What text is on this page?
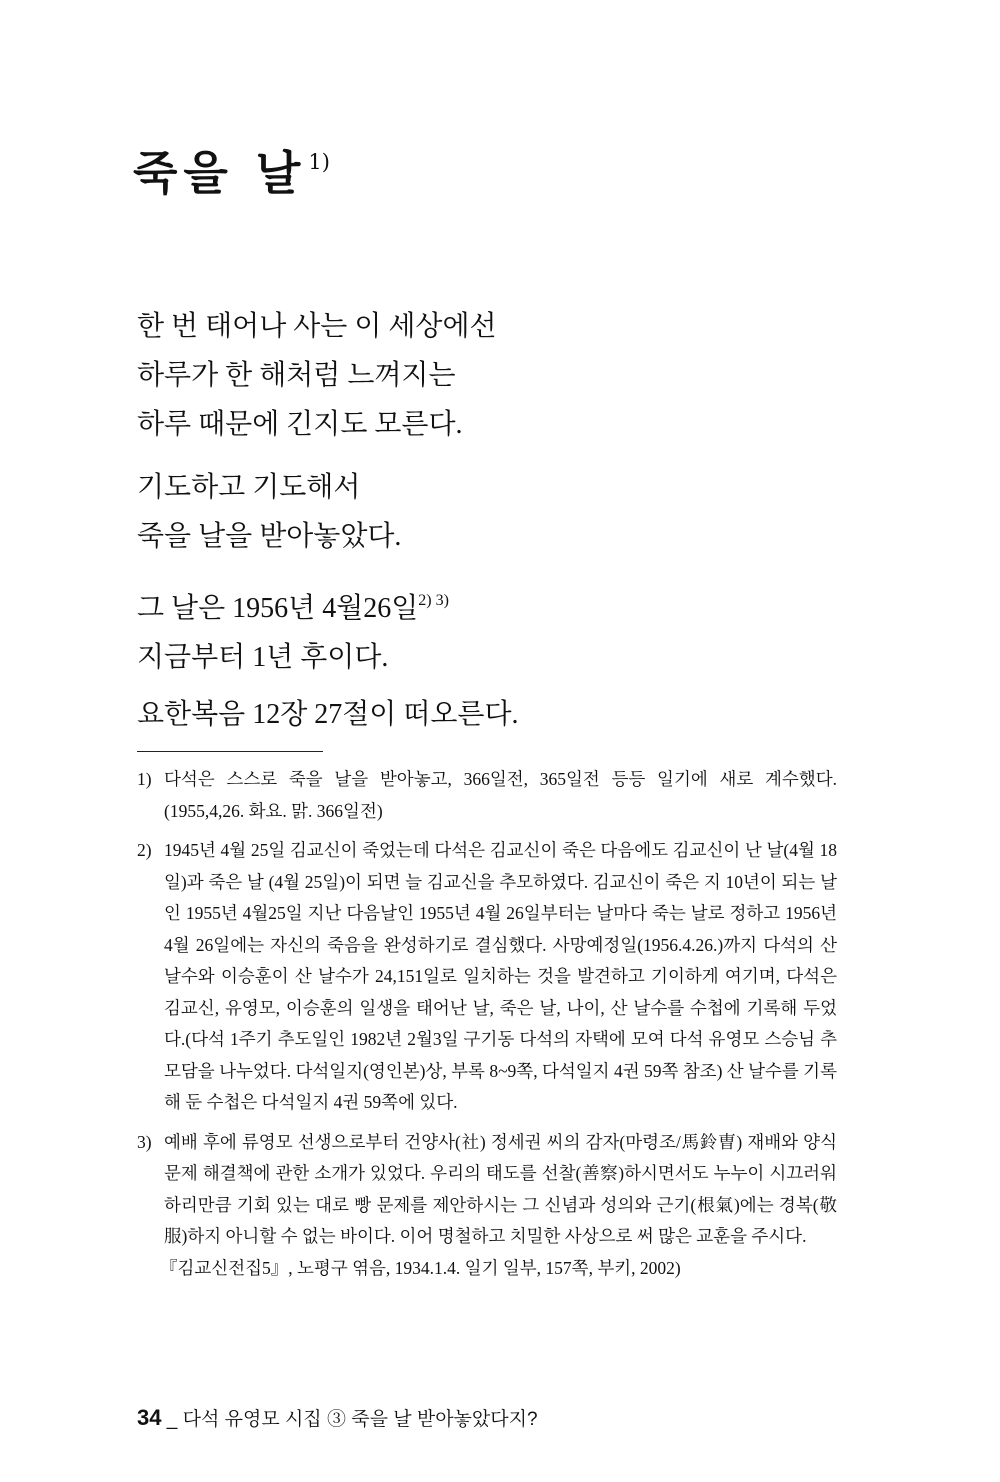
죽을 날$^{1)}$
한 번 태어나 사는 이 세상에선
하루가 한 해처럼 느껴지는
하루 때문에 긴지도 모른다.
기도하고 기도해서
죽을 날을 받아놓았다.
그 날은 1956년 4월26일$^{2) 3)}$
지금부터 1년 후이다.
요한복음 12장 27절이 떠오른다.
1) 다석은 스스로 죽을 날을 받아놓고, 366일전, 365일전 등등 일기에 새로 계수했다.(1955,4,26. 화요. 맑. 366일전)
2) 1945년 4월 25일 김교신이 죽었는데 다석은 김교신이 죽은 다음에도 김교신이 난 날(4월 18일)과 죽은 날 (4월 25일)이 되면 늘 김교신을 추모하였다. 김교신이 죽은 지 10년이 되는 날인 1955년 4월25일 지난 다음날인 1955년 4월 26일부터는 날마다 죽는 날로 정하고 1956년 4월 26일에는 자신의 죽음을 완성하기로 결심했다. 사망예정일(1956.4.26.)까지 다석의 산 날수와 이승훈이 산 날수가 24,151일로 일치하는 것을 발견하고 기이하게 여기며, 다석은 김교신, 유영모, 이승훈의 일생을 태어난 날, 죽은 날, 나이, 산 날수를 수첩에 기록해 두었다.(다석 1주기 추도일인 1982년 2월3일 구기동 다석의 자택에 모여 다석 유영모 스승님 추모담을 나누었다. 다석일지(영인본)상, 부록 8~9쪽, 다석일지 4권 59쪽 참조) 산 날수를 기록해 둔 수첩은 다석일지 4권 59쪽에 있다.
3) 예배 후에 류영모 선생으로부터 건양사(社) 정세권 씨의 감자(마령조/馬鈴曺) 재배와 양식 문제 해결책에 관한 소개가 있었다. 우리의 태도를 선찰(善察)하시면서도 누누이 시끄러워하리만큼 기회 있는 대로 빵 문제를 제안하시는 그 신념과 성의와 근기(根氣)에는 경복(敬服)하지 아니할 수 없는 바이다. 이어 명철하고 치밀한 사상으로 써 많은 교훈을 주시다.
『김교신전집5』, 노평구 엮음, 1934.1.4. 일기 일부, 157쪽, 부키, 2002)
34 _ 다석 유영모 시집 ③ 죽을 날 받아놓았다지?
